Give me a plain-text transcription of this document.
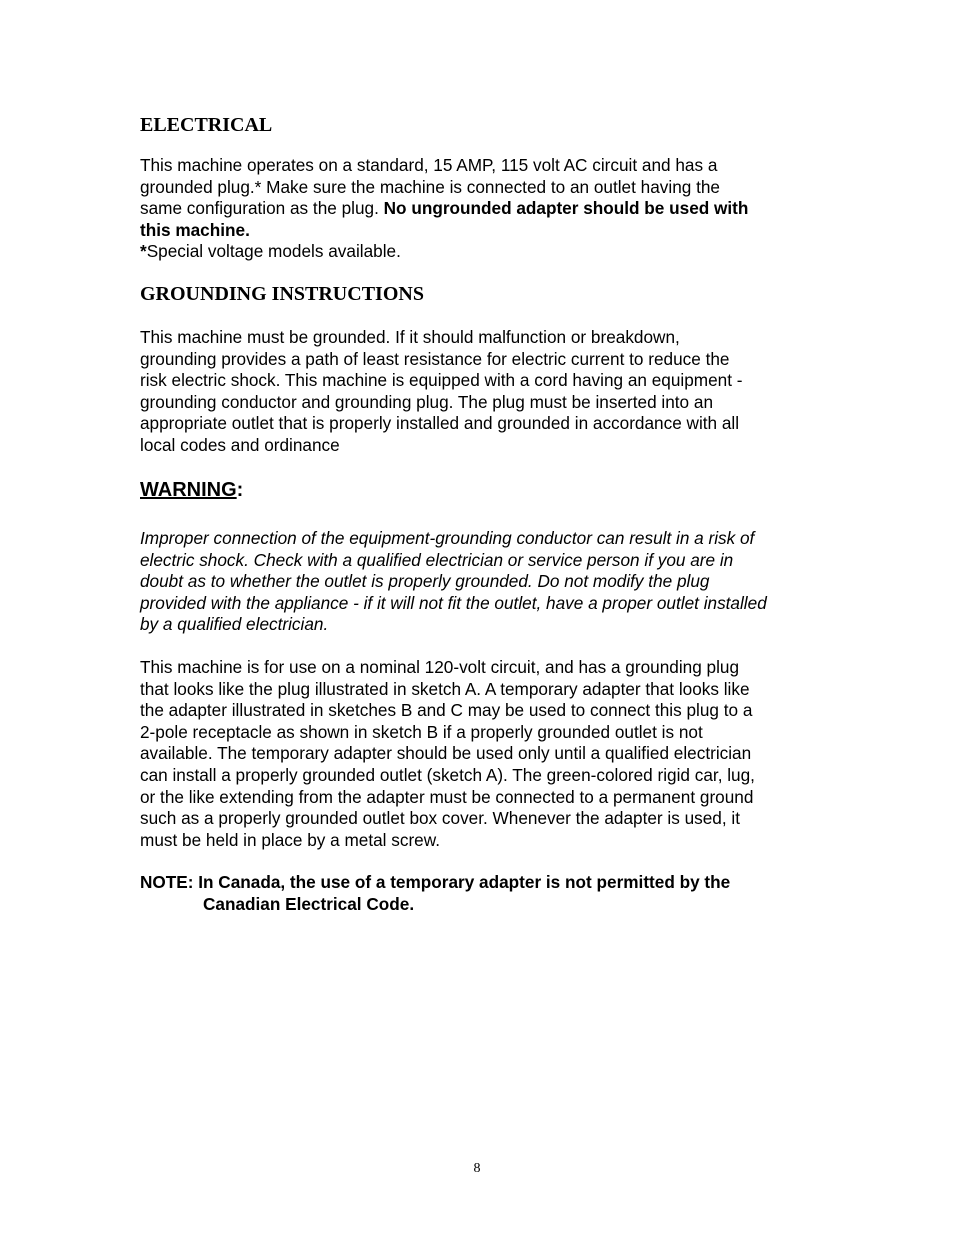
ELECTRICAL
This machine operates on a standard, 15 AMP, 115 volt AC circuit and has a
grounded plug.* Make sure the machine is connected to an outlet having the
same configuration as the plug. No ungrounded adapter should be used with
this machine.
*Special voltage models available.
GROUNDING INSTRUCTIONS
This machine must be grounded. If it should malfunction or breakdown,
grounding provides a path of least resistance for electric current to reduce the
risk electric shock. This machine is equipped with a cord having an equipment -
grounding conductor and grounding plug. The plug must be inserted into an
appropriate outlet that is properly installed and grounded in accordance with all
local codes and ordinance
WARNING:
Improper connection of the equipment-grounding conductor can result in a risk of
electric shock. Check with a qualified electrician or service person if you are in
doubt as to whether the outlet is properly grounded. Do not modify the plug
provided with the appliance - if it will not fit the outlet, have a proper outlet installed
by a qualified electrician.
This machine is for use on a nominal 120-volt circuit, and has a grounding plug
that looks like the plug illustrated in sketch A. A temporary adapter that looks like
the adapter illustrated in sketches B and C may be used to connect this plug to a
2-pole receptacle as shown in sketch B if a properly grounded outlet is not
available. The temporary adapter should be used only until a qualified electrician
can install a properly grounded outlet (sketch A). The green-colored rigid car, lug,
or the like extending from the adapter must be connected to a permanent ground
such as a properly grounded outlet box cover. Whenever the adapter is used, it
must be held in place by a metal screw.
NOTE: In Canada, the use of a temporary adapter is not permitted by the
Canadian Electrical Code.
8
